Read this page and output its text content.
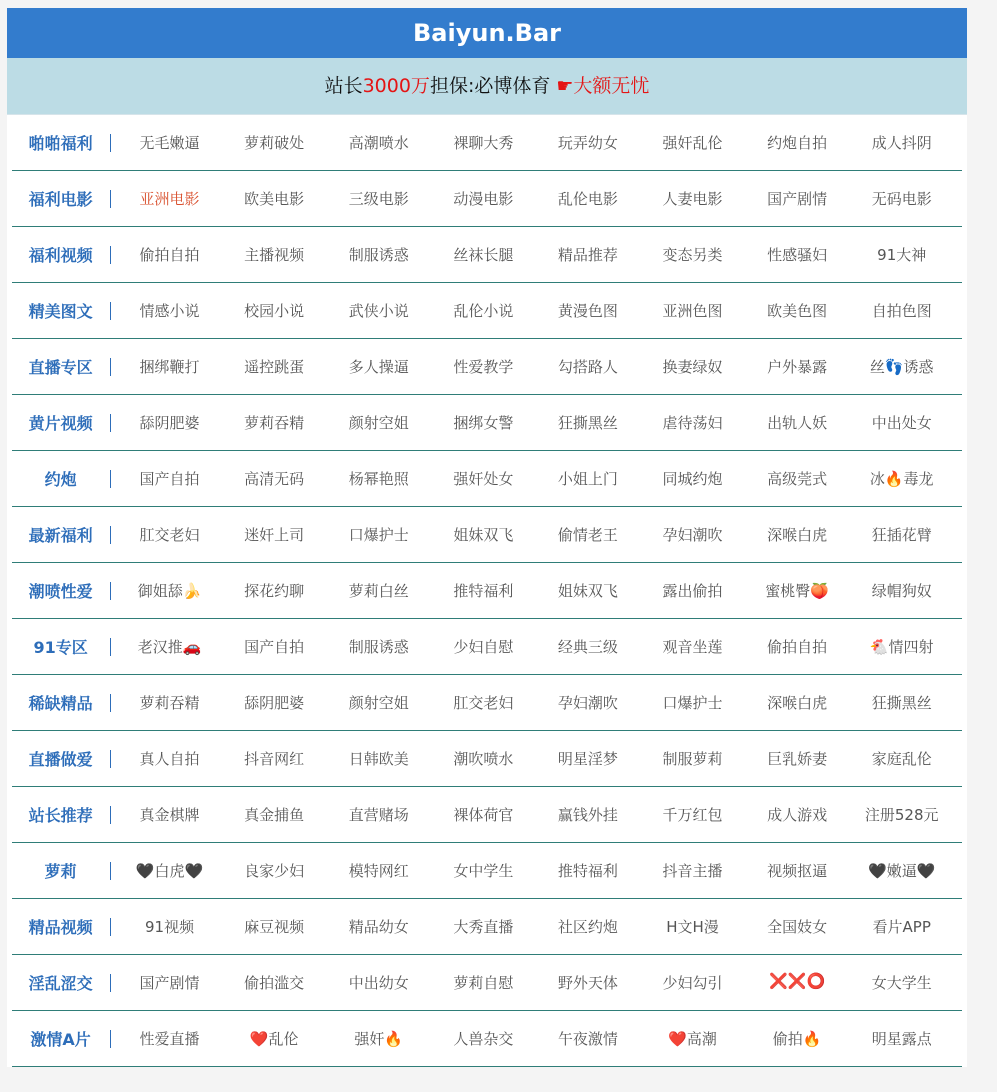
Baiyun.Bar
站长3000万担保:必博体育 ☛大额无忧
啪啪福利	无毛嫩逼	萝莉破处	高潮喷水	裸聊大秀	玩弄幼女	强奸乱伦	约炮自拍	成人抖阴
福利电影	亚洲电影	欧美电影	三级电影	动漫电影	乱伦电影	人妻电影	国产剧情	无码电影
福利视频	偷拍自拍	主播视频	制服诱惑	丝袜长腿	精品推荐	变态另类	性感骚妇	91大神
精美图文	情感小说	校园小说	武侠小说	乱伦小说	黄漫色图	亚洲色图	欧美色图	自拍色图
直播专区	捆绑鞭打	遥控跳蛋	多人操逼	性爱教学	勾搭路人	换妻绿奴	户外暴露	丝👣诱惑
黄片视频	舔阴肥婆	萝莉吞精	颜射空姐	捆绑女警	狂撕黑丝	虐待荡妇	出轨人妖	中出处女
约炮	国产自拍	高清无码	杨幂艳照	强奸处女	小姐上门	同城约炮	高级莞式	冰🔥毒龙
最新福利	肛交老妇	迷奸上司	口爆护士	姐妹双飞	偷情老王	孕妇潮吹	深喉白虎	狂插花臂
潮喷性爱	御姐舔🍌	探花约聊	萝莉白丝	推特福利	姐妹双飞	露出偷拍	蜜桃臀🍑	绿帽狗奴
91专区	老汉推🚗	国产自拍	制服诱惑	少妇自慰	经典三级	观音坐莲	偷拍自拍	🐔情四射
稀缺精品	萝莉吞精	舔阴肥婆	颜射空姐	肛交老妇	孕妇潮吹	口爆护士	深喉白虎	狂撕黑丝
直播做爱	真人自拍	抖音网红	日韩欧美	潮吹喷水	明星淫梦	制服萝莉	巨乳娇妻	家庭乱伦
站长推荐	真金棋牌	真金捕鱼	直营赌场	裸体荷官	赢钱外挂	千万红包	成人游戏	注册528元
萝莉	🖤白虎🖤	良家少妇	模特网红	女中学生	推特福利	抖音主播	视频抠逼	🖤嫩逼🖤
精品视频	91视频	麻豆视频	精品幼女	大秀直播	社区约炮	H文H漫	全国妓女	看片APP
淫乱涩交	国产剧情	偷拍滥交	中出幼女	萝莉自慰	野外天体	少妇勾引	❌❌⭕	女大学生
激情A片	性爱直播	❤️乱伦	强奸🔥	人兽杂交	午夜激情	❤️高潮	偷拍🔥	明星露点
